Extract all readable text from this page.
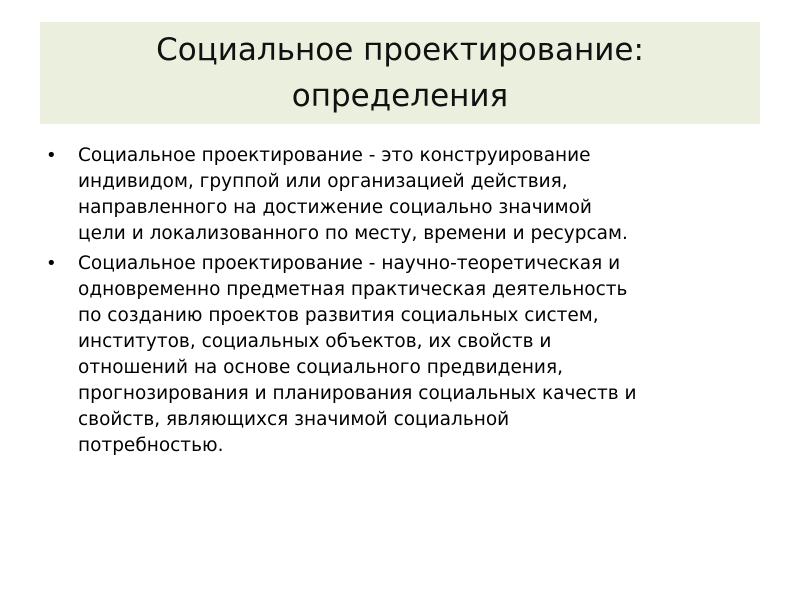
Социальное проектирование:
определения
• Социальное проектирование - это конструирование
индивидом, группой или организацией действия,
направленного на достижение социально значимой
цели и локализованного по месту, времени и ресурсам.

• Социальное проектирование - научно-теоретическая и
одновременно предметная практическая деятельность
по созданию проектов развития социальных систем,
институтов, социальных объектов, их свойств и
отношений на основе социального предвидения,
прогнозирования и планирования социальных качеств и
свойств, являющихся значимой социальной
потребностью.
